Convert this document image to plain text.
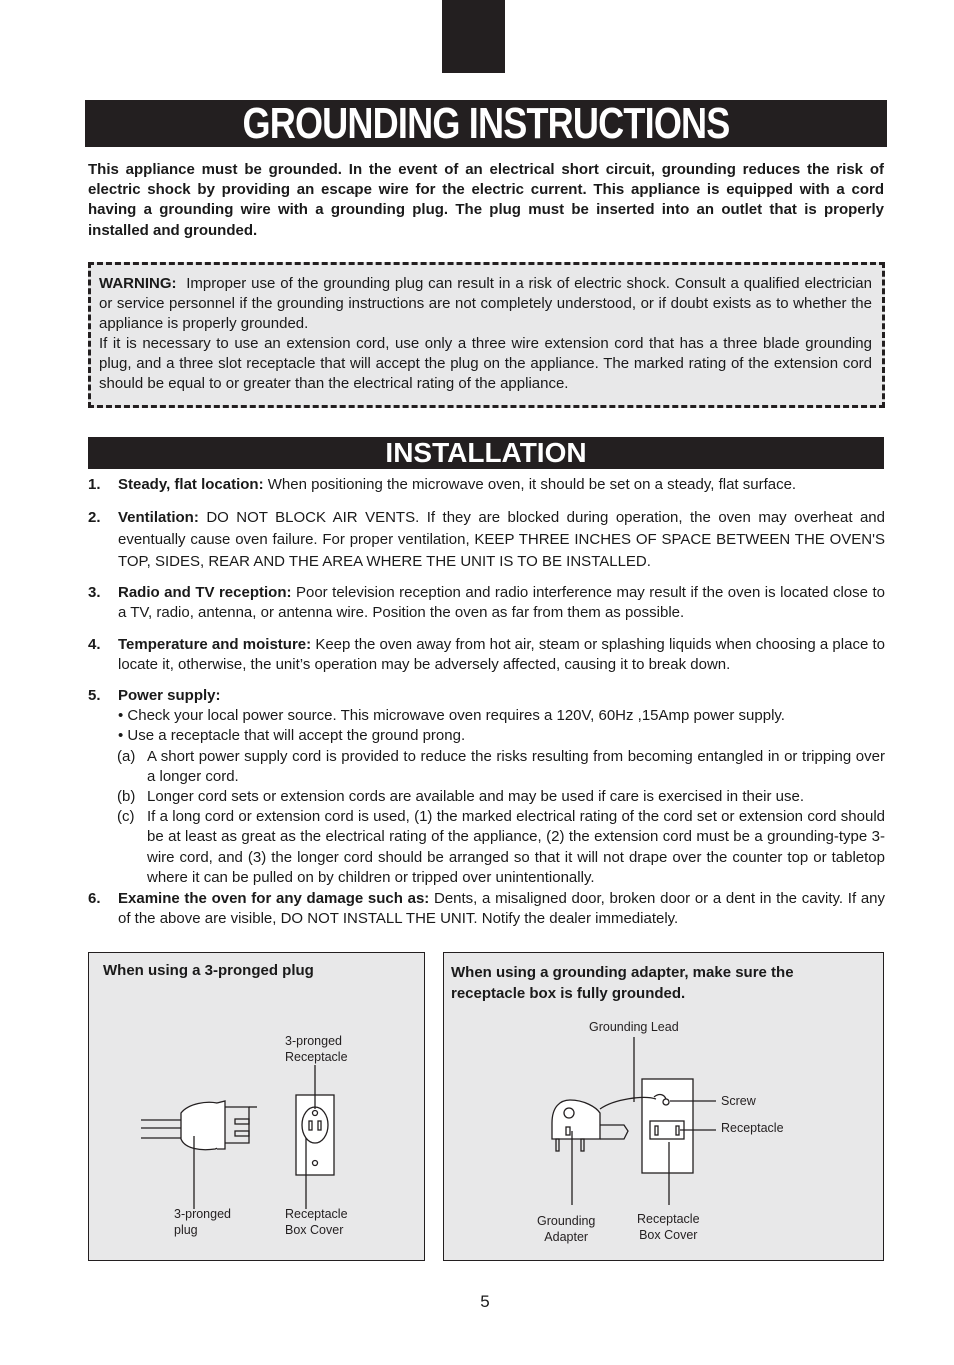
GROUNDING INSTRUCTIONS
This appliance must be grounded. In the event of an electrical short circuit, grounding reduces the risk of electric shock by providing an escape wire for the electric current. This appliance is equipped with a cord having a grounding wire with a grounding plug. The plug must be inserted into an outlet that is properly installed and grounded.
WARNING: Improper use of the grounding plug can result in a risk of electric shock. Consult a qualified electrician or service personnel if the grounding instructions are not completely understood, or if doubt exists as to whether the appliance is properly grounded.
If it is necessary to use an extension cord, use only a three wire extension cord that has a three blade grounding plug, and a three slot receptacle that will accept the plug on the appliance. The marked rating of the extension cord should be equal to or greater than the electrical rating of the appliance.
INSTALLATION
1. Steady, flat location: When positioning the microwave oven, it should be set on a steady, flat surface.
2. Ventilation: DO NOT BLOCK AIR VENTS. If they are blocked during operation, the oven may overheat and eventually cause oven failure. For proper ventilation, KEEP THREE INCHES OF SPACE BETWEEN THE OVEN'S TOP, SIDES, REAR AND THE AREA WHERE THE UNIT IS TO BE INSTALLED.
3. Radio and TV reception: Poor television reception and radio interference may result if the oven is located close to a TV, radio, antenna, or antenna wire. Position the oven as far from them as possible.
4. Temperature and moisture: Keep the oven away from hot air, steam or splashing liquids when choosing a place to locate it, otherwise, the unit’s operation may be adversely affected, causing it to break down.
5. Power supply:
• Check your local power source. This microwave oven requires a 120V, 60Hz ,15Amp power supply.
• Use a receptacle that will accept the ground prong.
(a) A short power supply cord is provided to reduce the risks resulting from becoming entangled in or tripping over a longer cord.
(b) Longer cord sets or extension cords are available and may be used if care is exercised in their use.
(c) If a long cord or extension cord is used, (1) the marked electrical rating of the cord set or extension cord should be at least as great as the electrical rating of the appliance, (2) the extension cord must be a grounding-type 3-wire cord, and (3) the longer cord should be arranged so that it will not drape over the counter top or tabletop where it can be pulled on by children or tripped over unintentionally.
6. Examine the oven for any damage such as: Dents, a misaligned door, broken door or a dent in the cavity. If any of the above are visible, DO NOT INSTALL THE UNIT. Notify the dealer immediately.
When using a 3-pronged plug
3-pronged
Receptacle
3-pronged
plug
Receptacle
Box Cover
When using a grounding adapter, make sure the receptacle box is fully grounded.
Grounding Lead
Screw
Receptacle
Grounding
Adapter
Receptacle
Box Cover
5
